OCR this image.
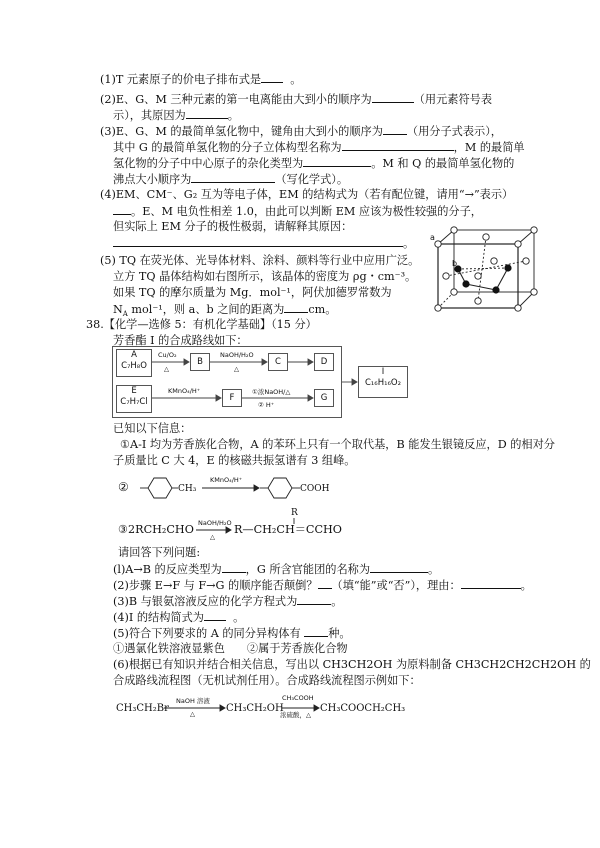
(1)T 元素原子的价电子排布式是	。
(2)E、G、M 三种元素的第一电离能由大到小的顺序为	（用元素符号表
示），其原因为	。
(3)E、G、M 的最简单氢化物中，键角由大到小的顺序为 （用分子式表示），
其中 G 的最简单氢化物的分子立体构型名称为	，M 的最简单
氢化物的分子中中心原子的杂化类型为	。M 和 Q 的最简单氢化物的
沸点大小顺序为	（写化学式）。
(4)EM、CM⁻、G₂ 互为等电子体，EM 的结构式为（若有配位键，请用“→”表示）
。E、M 电负性相差 1.0，由此可以判断 EM 应该为极性较强的分子，
但实际上 EM 分子的极性极弱，请解释其原因：
。
(5) TQ 在荧光体、光导体材料、涂料、颜料等行业中应用广泛。
立方 TQ 晶体结构如右图所示，该晶体的密度为 ρg・cm⁻³。
如果 TQ 的摩尔质量为 Mg．mol⁻¹，阿伏加德罗常数为
$N_A$ mol⁻¹，则 a、b 之间的距离为 cm。
a
b
38.【化学—选修 5：有机化学基础】（15 分）
芳香酯 I 的合成路线如下：
A
C₇H₈O	B	C	D
E
C₇H₇Cl	F	G
I
C₁₆H₁₆O₂
Cu/O₂
△
NaOH/H₂O
△
KMnO₄/H⁺	①浓NaOH/△
② H⁺
已知以下信息：
①A-I 均为芳香族化合物，A 的苯环上只有一个取代基，B 能发生银镜反应，D 的相对分
子质量比 C 大 4，E 的核磁共振氢谱有 3 组峰。
②	KMnO₄/H⁺
CH₃	COOH
③2RCH₂CHO NaOH/H₂O
△
R
R—CH₂CH＝CCHO
请回答下列问题:
(l)A→B 的反应类型为 ，G 所含官能团的名称为	。
(2)步骤 E→F 与 F→G 的顺序能否颠倒？ （填“能”或“否”），理由：	。
(3)B 与银氨溶液反应的化学方程式为	。
(4)I 的结构简式为	。
(5)符合下列要求的 A 的同分异构体有 种。
①遇氯化铁溶液显紫色 ②属于芳香族化合物
(6)根据已有知识并结合相关信息，写出以 CH3CH2OH 为原料制备 CH3CH2CH2CH2OH 的
合成路线流程图（无机试剂任用）。合成路线流程图示例如下：
CH₃CH₂Br
NaOH 溶液
△	CH₃CH₂OH
CH₃COOH
浓硫酸，△
CH₃COOCH₂CH₃
